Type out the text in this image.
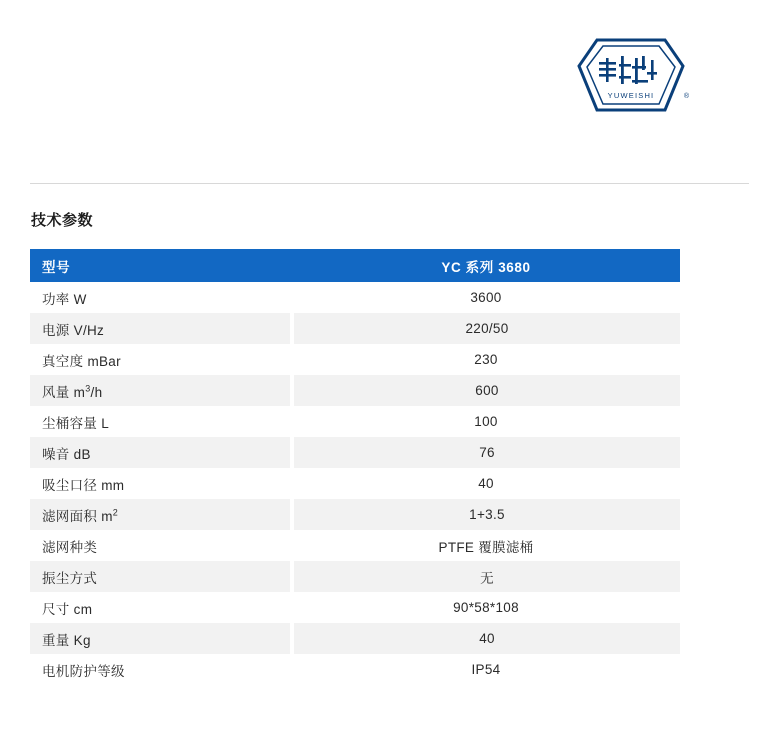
YUWEISHI	®
技术参数
型号	YC 系列 3680
功率 W	3600
电源 V/Hz	220/50
真空度 mBar	230
风量 $m^3/h$	600
尘桶容量 L	100
噪音 dB	76
吸尘口径 mm	40
滤网面积 $m^2$	1+3.5
滤网种类	PTFE 覆膜滤桶
振尘方式	无
尺寸 cm	90*58*108
重量 Kg	40
电机防护等级	IP54
